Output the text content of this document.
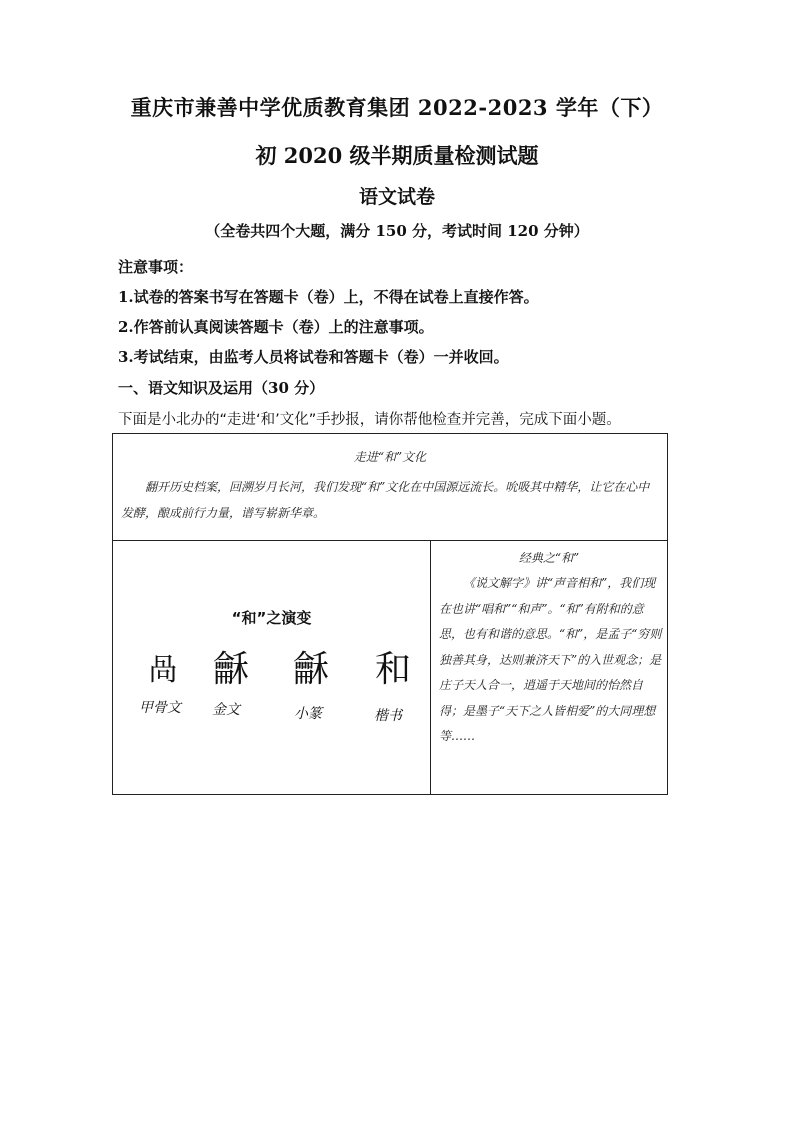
重庆市兼善中学优质教育集团 2022-2023 学年（下）
初 2020 级半期质量检测试题
语文试卷
（全卷共四个大题，满分 150 分，考试时间 120 分钟）
注意事项：
1.试卷的答案书写在答题卡（卷）上，不得在试卷上直接作答。
2.作答前认真阅读答题卡（卷）上的注意事项。
3.考试结束，由监考人员将试卷和答题卡（卷）一并收回。
一、语文知识及运用（30 分）
下面是小北办的“走进‘和’文化”手抄报，请你帮他检查并完善，完成下面小题。
走进“和”文化
翻开历史档案，回溯岁月长河，我们发现“和”文化在中国源远流长。吮吸其中精华，让它在心中发酵，酿成前行力量，谱写崭新华章。
“和”之演变
咼 龢	龢	和
甲骨文	金文	小篆	楷书
经典之“和”
《说文解字》讲“声音相和”，我们现在也讲“唱和”“和声”。“和”有附和的意思，也有和谐的意思。“和”，是孟子“穷则独善其身，达则兼济天下”的入世观念；是庄子天人合一，逍遥于天地间的怡然自得；是墨子“天下之人皆相爱”的大同理想等……
